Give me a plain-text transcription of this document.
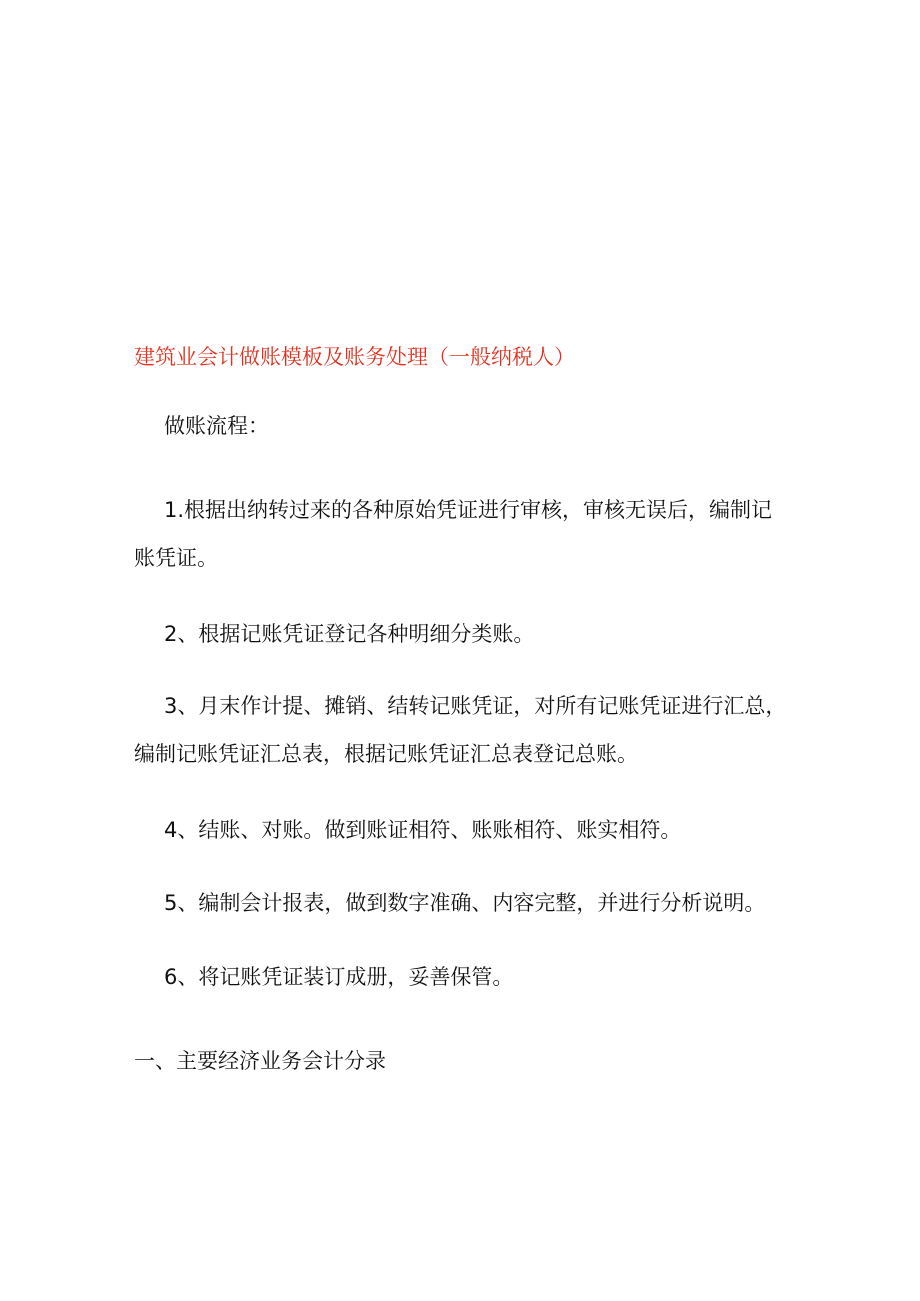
建筑业会计做账模板及账务处理（一般纳税人）
做账流程：
1.根据出纳转过来的各种原始凭证进行审核，审核无误后，编制记
账凭证。
2、根据记账凭证登记各种明细分类账。
3、月末作计提、摊销、结转记账凭证，对所有记账凭证进行汇总，
编制记账凭证汇总表，根据记账凭证汇总表登记总账。
4、结账、对账。做到账证相符、账账相符、账实相符。
5、编制会计报表，做到数字准确、内容完整，并进行分析说明。
6、将记账凭证装订成册，妥善保管。
一、主要经济业务会计分录
